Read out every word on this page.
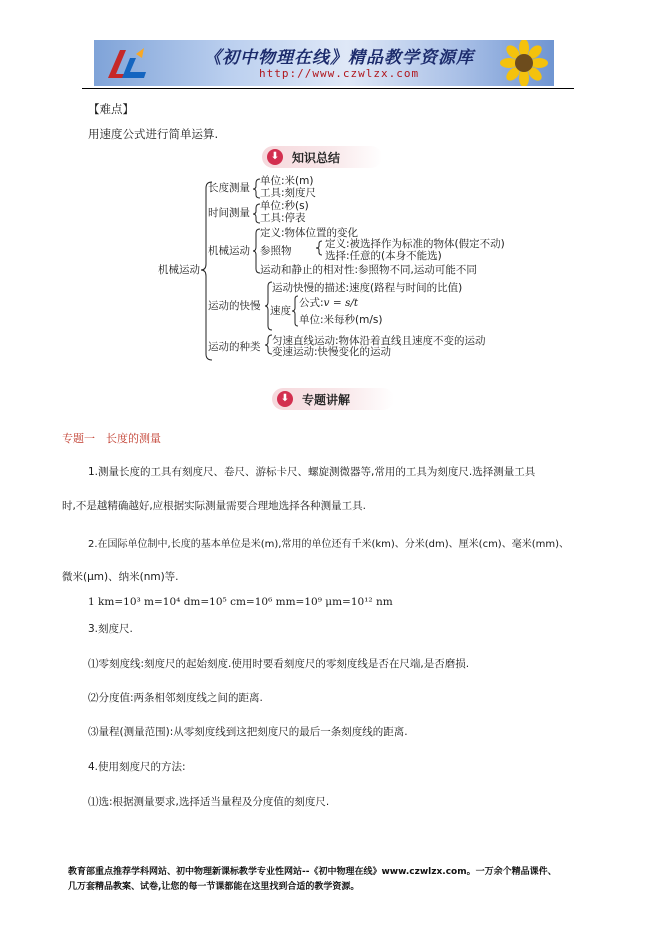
《初中物理在线》精品教学资源库
http://www.czwlzx.com
【难点】
用速度公式进行简单运算.
⬇	知识总结
机械运动
长度测量
单位:米(m)
工具:刻度尺
时间测量
单位:秒(s)
工具:停表
机械运动
定义:物体位置的变化
参照物
定义:被选择作为标准的物体(假定不动)
选择:任意的(本身不能选)
运动和静止的相对性:参照物不同,运动可能不同
运动的快慢
运动快慢的描述:速度(路程与时间的比值)
速度
公式:v = s/t
单位:米每秒(m/s)
运动的种类 匀速直线运动:物体沿着直线且速度不变的运动
变速运动:快慢变化的运动
⬇	专题讲解
专题一　长度的测量
1.测量长度的工具有刻度尺、卷尺、游标卡尺、螺旋测微器等,常用的工具为刻度尺.选择测量工具
时,不是越精确越好,应根据实际测量需要合理地选择各种测量工具.
2.在国际单位制中,长度的基本单位是米(m),常用的单位还有千米(km)、分米(dm)、厘米(cm)、毫米(mm)、
微米(μm)、纳米(nm)等.
1 km=10³ m=10⁴ dm=10⁵ cm=10⁶ mm=10⁹ μm=10¹² nm
3.刻度尺.
⑴零刻度线:刻度尺的起始刻度.使用时要看刻度尺的零刻度线是否在尺端,是否磨损.
⑵分度值:两条相邻刻度线之间的距离.
⑶量程(测量范围):从零刻度线到这把刻度尺的最后一条刻度线的距离.
4.使用刻度尺的方法:
⑴选:根据测量要求,选择适当量程及分度值的刻度尺.
教育部重点推荐学科网站、初中物理新课标教学专业性网站--《初中物理在线》www.czwlzx.com。一万余个精品课件、
几万套精品教案、试卷,让您的每一节课都能在这里找到合适的教学资源。
